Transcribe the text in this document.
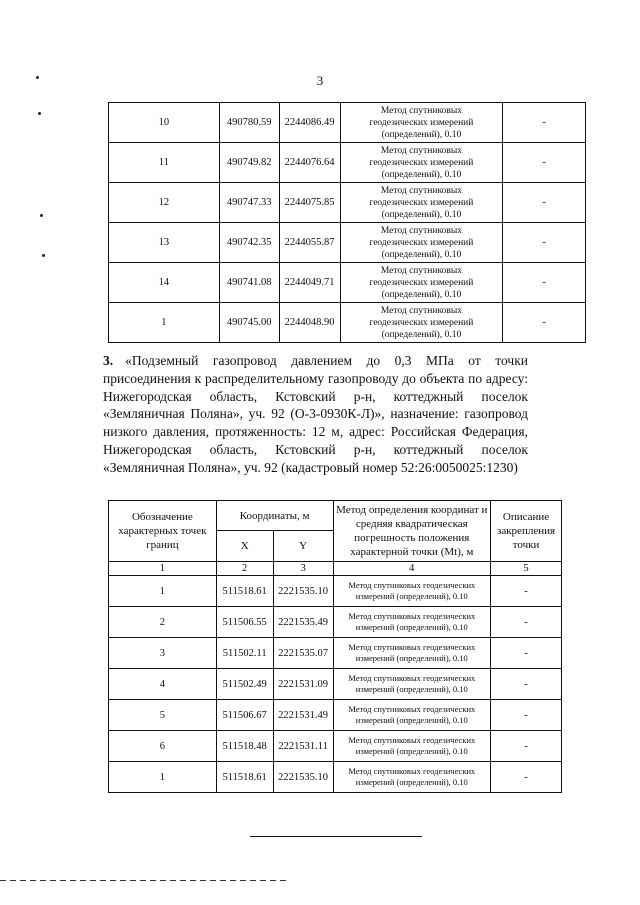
3
10	490780.59	2244086.49	Метод спутниковых
геодезических измерений
(определений), 0.10	-
11	490749.82	2244076.64	Метод спутниковых
геодезических измерений
(определений), 0.10	-
12	490747.33	2244075.85	Метод спутниковых
геодезических измерений
(определений), 0.10	-
13	490742.35	2244055.87	Метод спутниковых
геодезических измерений
(определений), 0.10	-
14	490741.08	2244049.71	Метод спутниковых
геодезических измерений
(определений), 0.10	-
1	490745.00	2244048.90	Метод спутниковых
геодезических измерений
(определений), 0.10	-
3. «Подземный газопровод давлением до 0,3 МПа от точки присоединения к распределительному газопроводу до объекта по адресу: Нижегородская область, Кстовский р-н, коттеджный поселок «Земляничная Поляна», уч. 92 (О-3-0930К-Л)», назначение: газопровод низкого давления, протяженность: 12 м, адрес: Российская Федерация, Нижегородская область, Кстовский р-н, коттеджный поселок «Земляничная Поляна», уч. 92 (кадастровый номер 52:26:0050025:1230)
Обозначение характерных точек границ	Координаты, м		Метод определения координат и средняя квадратическая погрешность положения характерной точки (Mt), м	Описание закрепления точки
	X	Y		
1	2	3	4	5
1	511518.61	2221535.10	Метод спутниковых геодезических
измерений (определений), 0.10	-
2	511506.55	2221535.49	Метод спутниковых геодезических
измерений (определений), 0.10	-
3	511502.11	2221535.07	Метод спутниковых геодезических
измерений (определений), 0.10	-
4	511502.49	2221531.09	Метод спутниковых геодезических
измерений (определений), 0.10	-
5	511506.67	2221531.49	Метод спутниковых геодезических
измерений (определений), 0.10	-
6	511518.48	2221531.11	Метод спутниковых геодезических
измерений (определений), 0.10	-
1	511518.61	2221535.10	Метод спутниковых геодезических
измерений (определений), 0.10	-
